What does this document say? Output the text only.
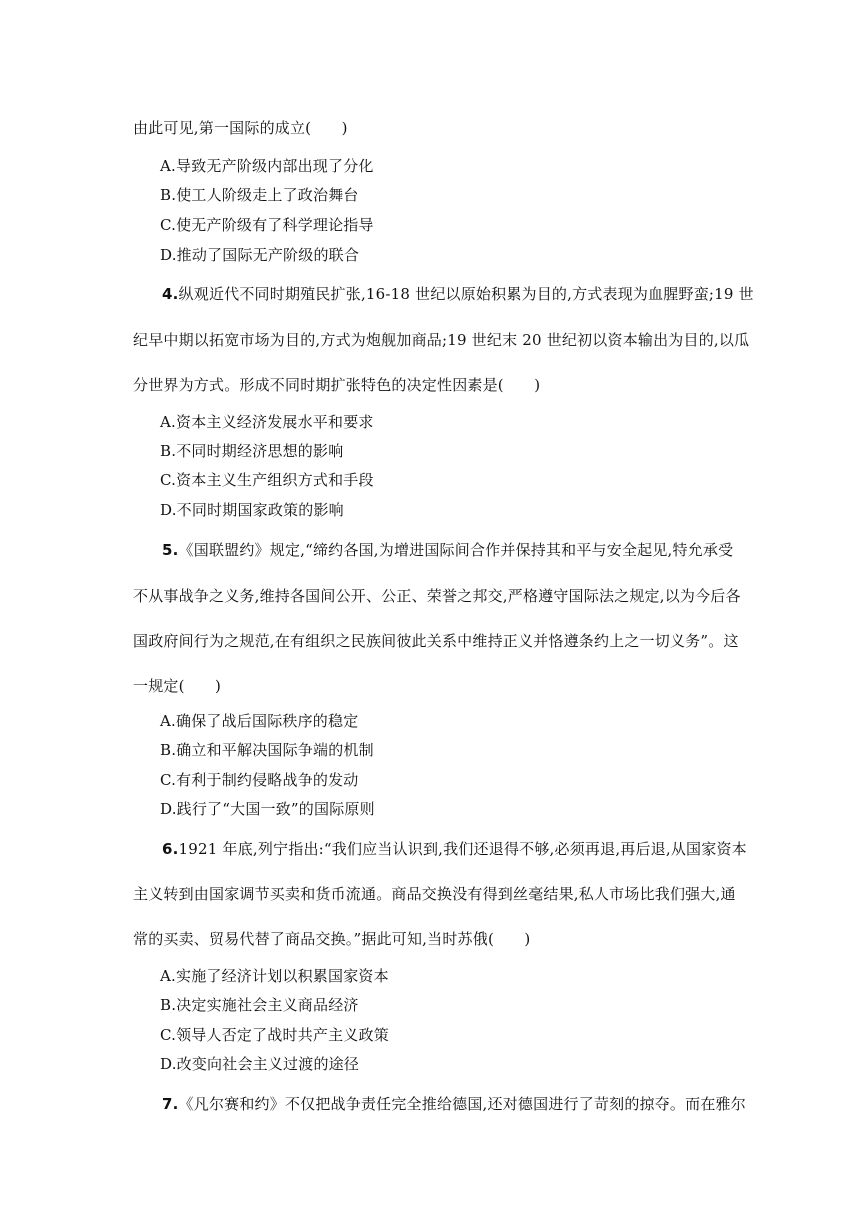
由此可见,第一国际的成立(　　)
A.导致无产阶级内部出现了分化
B.使工人阶级走上了政治舞台
C.使无产阶级有了科学理论指导
D.推动了国际无产阶级的联合
4.纵观近代不同时期殖民扩张,16-18 世纪以原始积累为目的,方式表现为血腥野蛮;19 世
纪早中期以拓宽市场为目的,方式为炮舰加商品;19 世纪末 20 世纪初以资本输出为目的,以瓜
分世界为方式。形成不同时期扩张特色的决定性因素是(　　)
A.资本主义经济发展水平和要求
B.不同时期经济思想的影响
C.资本主义生产组织方式和手段
D.不同时期国家政策的影响
5.《国联盟约》规定,“缔约各国,为增进国际间合作并保持其和平与安全起见,特允承受
不从事战争之义务,维持各国间公开、公正、荣誉之邦交,严格遵守国际法之规定,以为今后各
国政府间行为之规范,在有组织之民族间彼此关系中维持正义并恪遵条约上之一切义务”。这
一规定(　　)
A.确保了战后国际秩序的稳定
B.确立和平解决国际争端的机制
C.有利于制约侵略战争的发动
D.践行了“大国一致”的国际原则
6.1921 年底,列宁指出:“我们应当认识到,我们还退得不够,必须再退,再后退,从国家资本
主义转到由国家调节买卖和货币流通。商品交换没有得到丝毫结果,私人市场比我们强大,通
常的买卖、贸易代替了商品交换。”据此可知,当时苏俄(　　)
A.实施了经济计划以积累国家资本
B.决定实施社会主义商品经济
C.领导人否定了战时共产主义政策
D.改变向社会主义过渡的途径
7.《凡尔赛和约》不仅把战争责任完全推给德国,还对德国进行了苛刻的掠夺。而在雅尔
